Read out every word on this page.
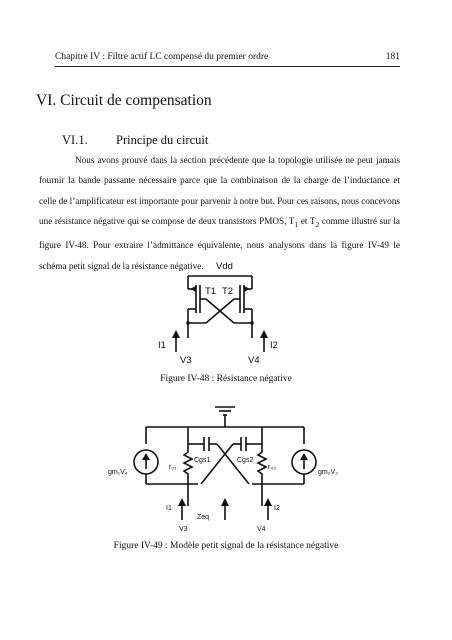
Chapitre IV : Filtre actif LC compensé du premier ordre	181
VI. Circuit de compensation
VI.1. Principe du circuit

Nous avons prouvé dans la section précédente que la topologie utilisée ne peut jamais fournir la bande passante nécessaire parce que la combinaison de la charge de l’inductance et celle de l’amplificateur est importante pour parvenir à notre but. Pour ces raisons, nous concevons une résistance négative qui se compose de deux transistors PMOS, $T_1$ et $T_2$ comme illustré sur la figure IV-48. Pour extraire l’admittance équivalente, nous analysons dans la figure IV-49 le schéma petit signal de la résistance négative.	Vdd
T1 T2
I1	I2
V3	V4
Figure IV-48 : Résistance négative
gm₁V₄
r₀₁
Cgs1	Cgs2
r₀₂
gm₂V₃
I1	I2
Zeq
V3	V4
Figure IV-49 : Modèle petit signal de la résistance négative
